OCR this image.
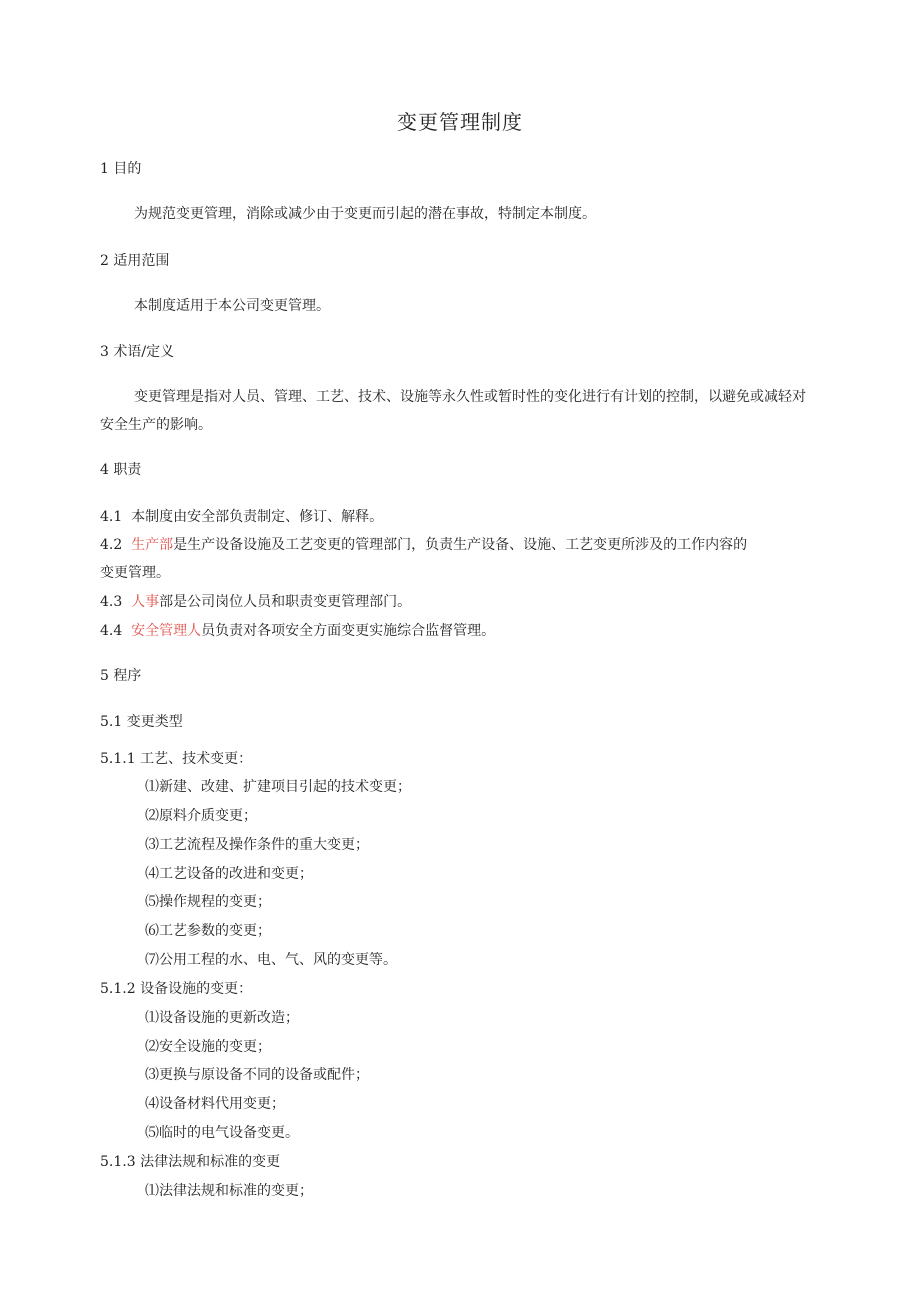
变更管理制度
1 目的
为规范变更管理，消除或减少由于变更而引起的潜在事故，特制定本制度。
2 适用范围
本制度适用于本公司变更管理。
3 术语/定义
变更管理是指对人员、管理、工艺、技术、设施等永久性或暂时性的变化进行有计划的控制，以避免或减轻对安全生产的影响。
4 职责
4.1 本制度由安全部负责制定、修订、解释。
4.2 生产部是生产设备设施及工艺变更的管理部门，负责生产设备、设施、工艺变更所涉及的工作内容的
变更管理。
4.3 人事部是公司岗位人员和职责变更管理部门。
4.4 安全管理人员负责对各项安全方面变更实施综合监督管理。
5 程序
5.1 变更类型
5.1.1 工艺、技术变更：
⑴新建、改建、扩建项目引起的技术变更；
⑵原料介质变更；
⑶工艺流程及操作条件的重大变更；
⑷工艺设备的改进和变更；
⑸操作规程的变更；
⑹工艺参数的变更；
⑺公用工程的水、电、气、风的变更等。
5.1.2 设备设施的变更：
⑴设备设施的更新改造；
⑵安全设施的变更；
⑶更换与原设备不同的设备或配件；
⑷设备材料代用变更；
⑸临时的电气设备变更。
5.1.3 法律法规和标准的变更
⑴法律法规和标准的变更；
